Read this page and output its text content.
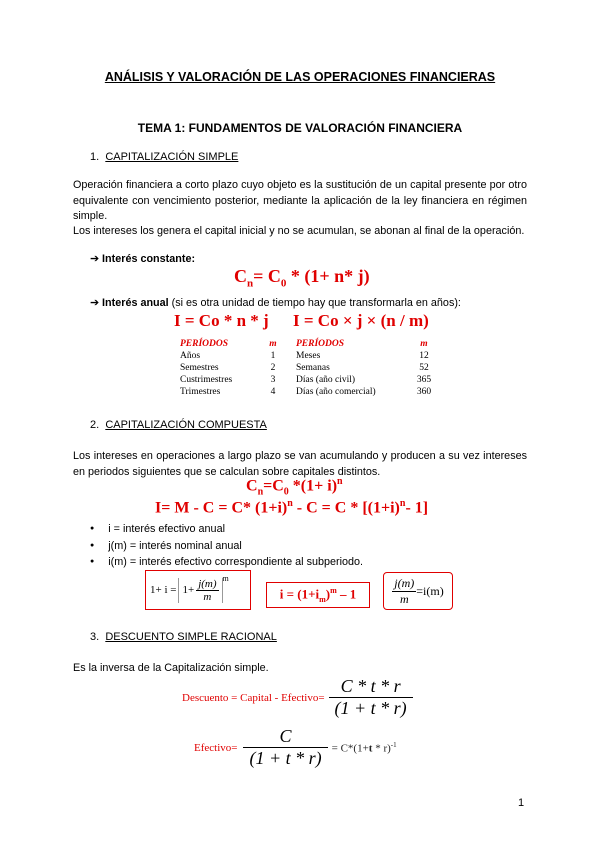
ANÁLISIS Y VALORACIÓN DE LAS OPERACIONES FINANCIERAS
TEMA 1: FUNDAMENTOS DE VALORACIÓN FINANCIERA
1. CAPITALIZACIÓN SIMPLE
Operación financiera a corto plazo cuyo objeto es la sustitución de un capital presente por otro equivalente con vencimiento posterior, mediante la aplicación de la ley financiera en régimen simple.
Los intereses los genera el capital inicial y no se acumulan, se abonan al final de la operación.
➔ Interés constante:
$C_n= C_0 * (1+ n*$ j)
➔ Interés anual (si es otra unidad de tiempo hay que transformarla en años):
I = Co * n * j I = Co × j × (n / m)
PERÍODOS	m	PERÍODOS	m
Años	1	Meses	12
Semestres	2	Semanas	52
Custrimestres	3	Días (año civil)	365
Trimestres	4	Días (año comercial)	360
2. CAPITALIZACIÓN COMPUESTA
Los intereses en operaciones a largo plazo se van acumulando y producen a su vez intereses en periodos siguientes que se calculan sobre capitales distintos.
$C_n=C_0$ $*(1+ i)^n$
I= M - C = C* $(1+i)^n - C = C * [(1+i)^n-$ 1]
● i = interés efectivo anual
● j(m) = interés nominal anual
● i(m) = interés efectivo correspondiente al subperiodo.
$1+ i = 1+ \frac{j(m)}{m} ^m$
$i = (1+i_m)^m - 1$	$\frac{j(m)}{m} =i(m)$
3. DESCUENTO SIMPLE RACIONAL
Es la inversa de la Capitalización simple.
Descuento = Capital - Efectivo= $\frac{C * t * r}{(1 + t * r)}$
Efectivo= $\frac{C}{(1 + t * r)} = C*(1+t * r)^{-1}$
1
